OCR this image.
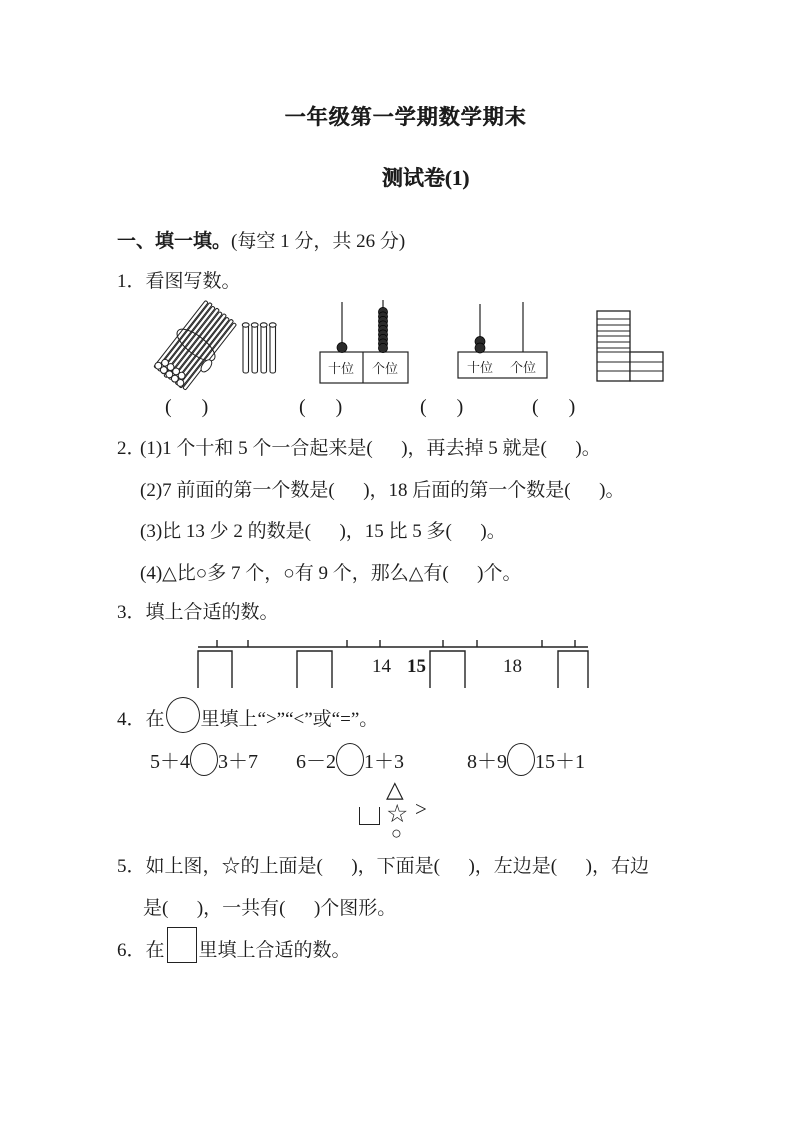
一年级第一学期数学期末
测试卷(1)
一、填一填。(每空 1 分，共 26 分)
1．看图写数。
十位 个位	十位 个位
(      )	(      )	(      )	(      )
2．
(1)1 个十和 5 个一合起来是(      )，再去掉 5 就是(      )。
(2)7 前面的第一个数是(      )，18 后面的第一个数是(      )。
(3)比 13 少 2 的数是(      )，15 比 5 多(      )。
(4)△比○多 7 个，○有 9 个，那么△有(      )个。
3．填上合适的数。
14 15	18
4．在 里填上“>”“<”或“=”。
5＋4 3＋7 6－2 1＋3	8＋9 15＋1
△
☆ >
○
5．如上图，☆的上面是(      )，下面是(      )，左边是(      )，右边
是(      )，一共有(      )个图形。
6．在 里填上合适的数。
